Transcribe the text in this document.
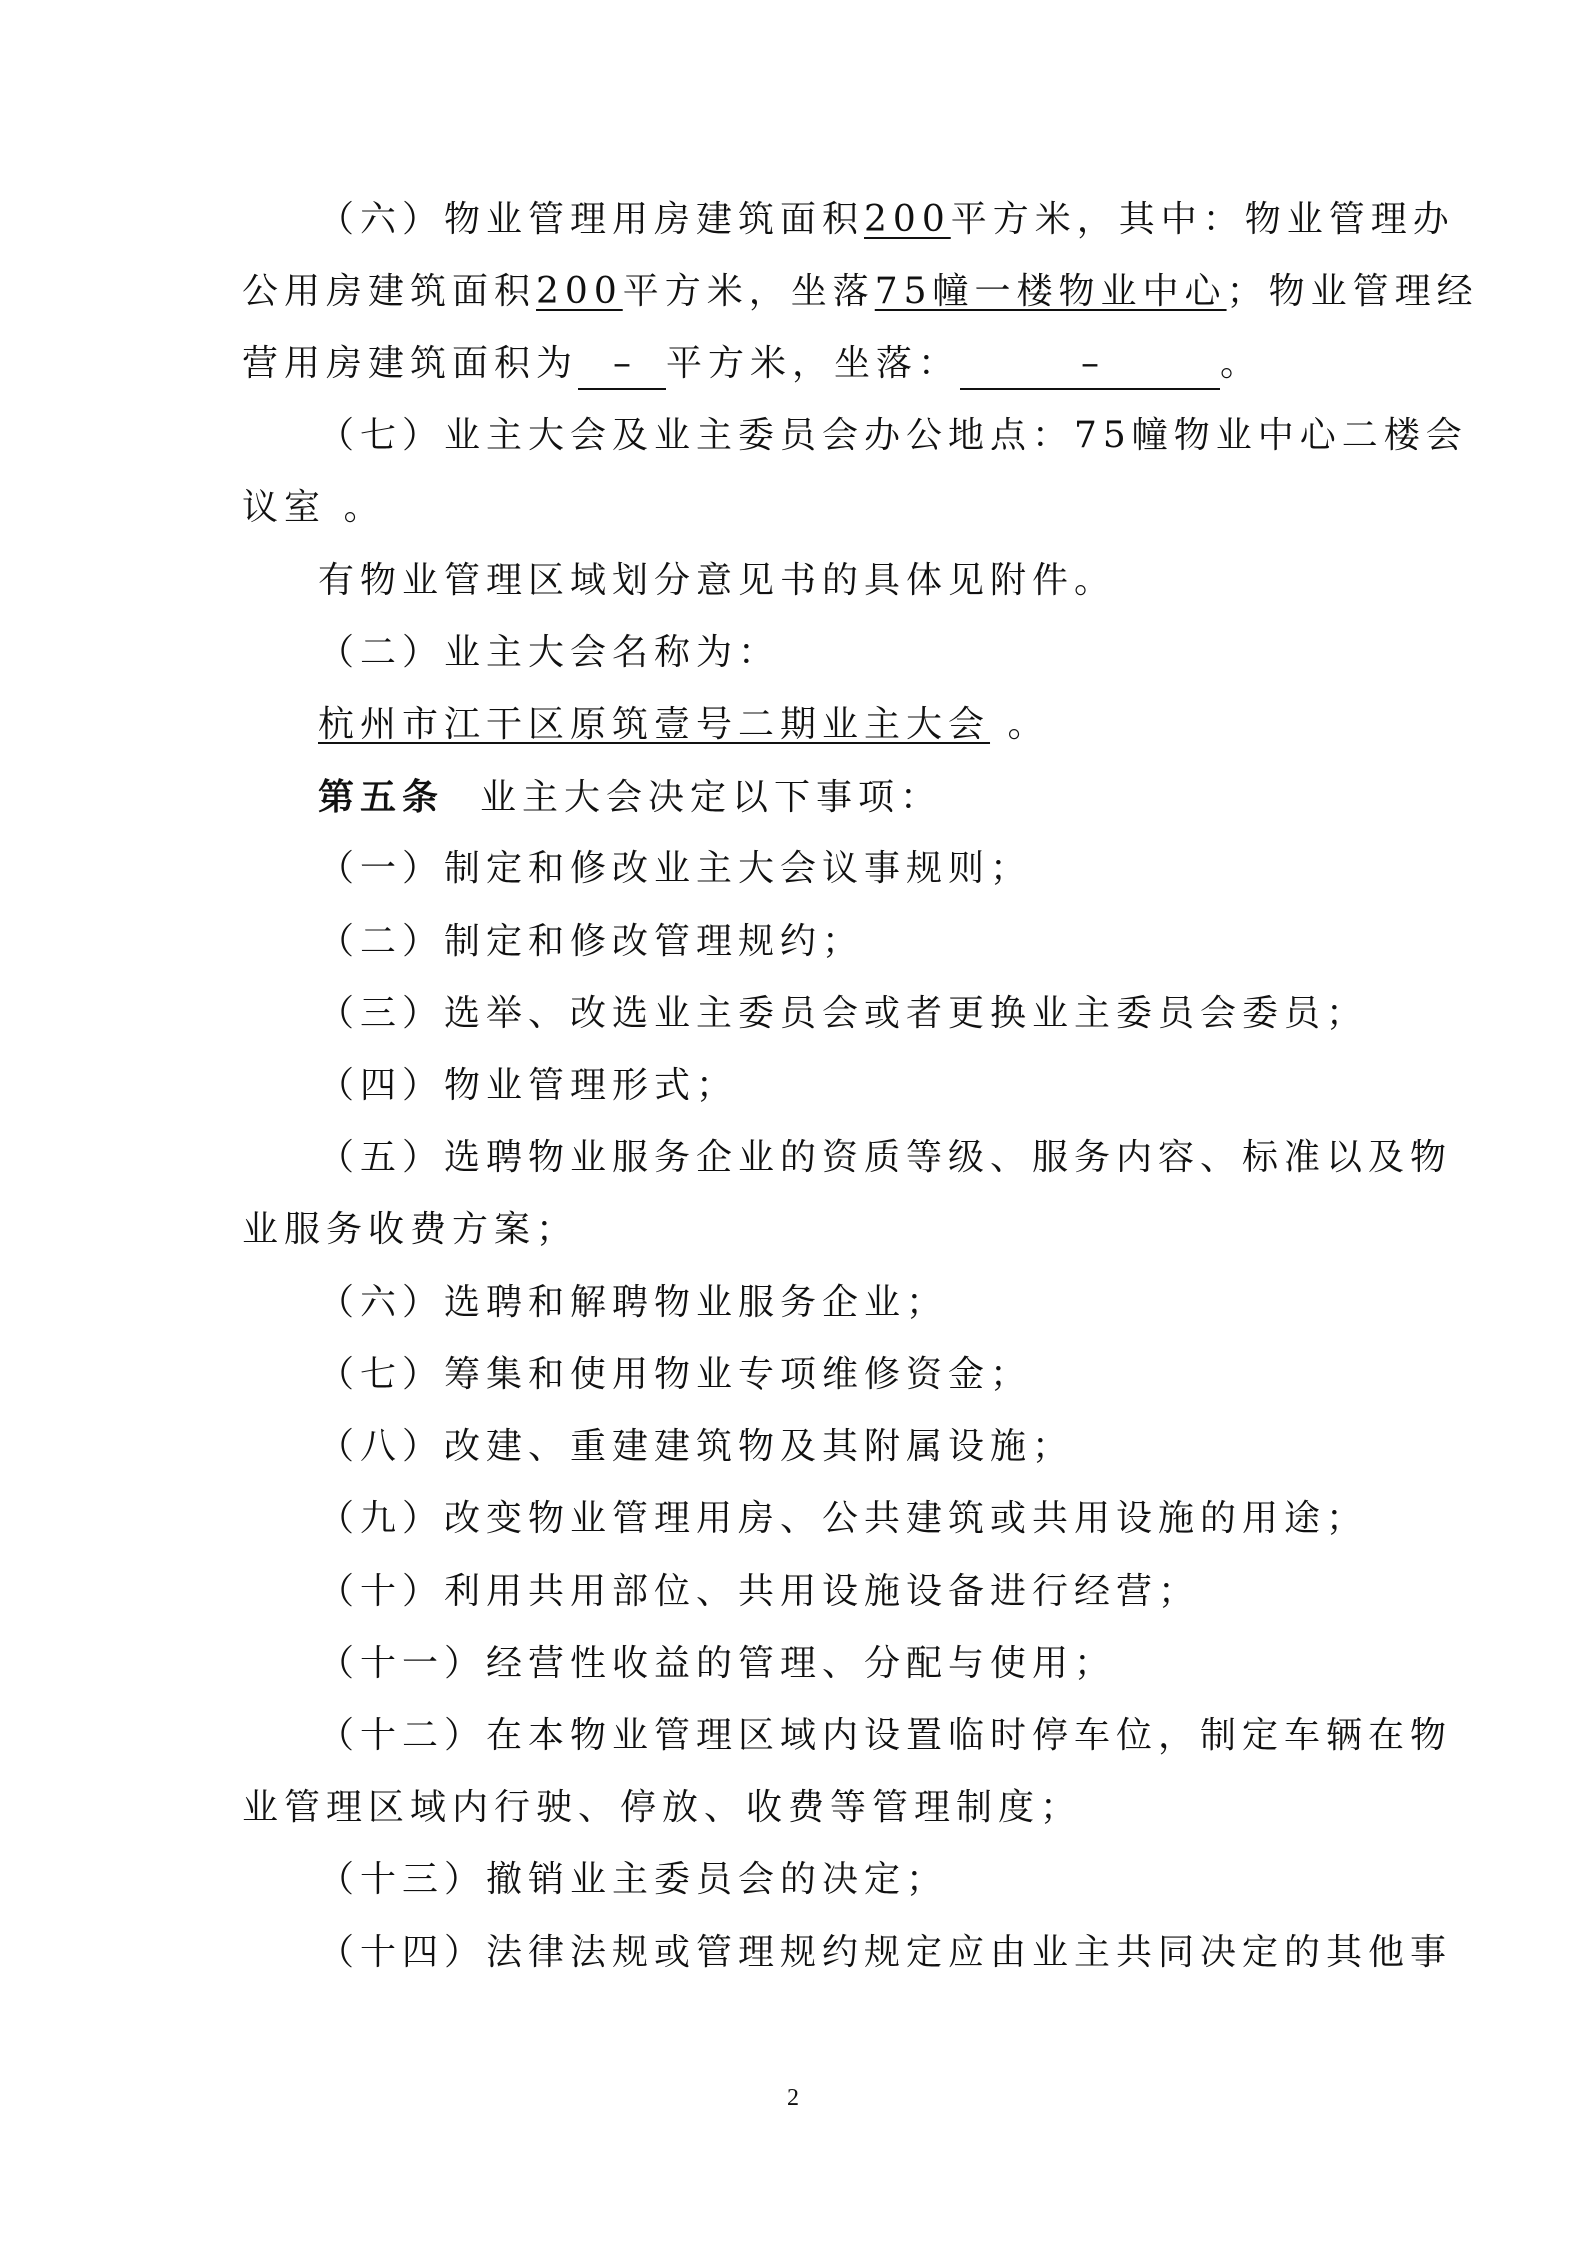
（六）物业管理用房建筑面积200平方米，其中：物业管理办
公用房建筑面积200平方米，坐落75幢一楼物业中心；物业管理经
营用房建筑面积为 – 平方米，坐落：	–	。
（七）业主大会及业主委员会办公地点：75幢物业中心二楼会
议室 。
有物业管理区域划分意见书的具体见附件。
（二）业主大会名称为：
杭州市江干区原筑壹号二期业主大会 。
第五条 业主大会决定以下事项：
（一）制定和修改业主大会议事规则；
（二）制定和修改管理规约；
（三）选举、改选业主委员会或者更换业主委员会委员；
（四）物业管理形式；
（五）选聘物业服务企业的资质等级、服务内容、标准以及物
业服务收费方案；
（六）选聘和解聘物业服务企业；
（七）筹集和使用物业专项维修资金；
（八）改建、重建建筑物及其附属设施；
（九）改变物业管理用房、公共建筑或共用设施的用途；
（十）利用共用部位、共用设施设备进行经营；
（十一）经营性收益的管理、分配与使用；
（十二）在本物业管理区域内设置临时停车位，制定车辆在物
业管理区域内行驶、停放、收费等管理制度；
（十三）撤销业主委员会的决定；
（十四）法律法规或管理规约规定应由业主共同决定的其他事
2
